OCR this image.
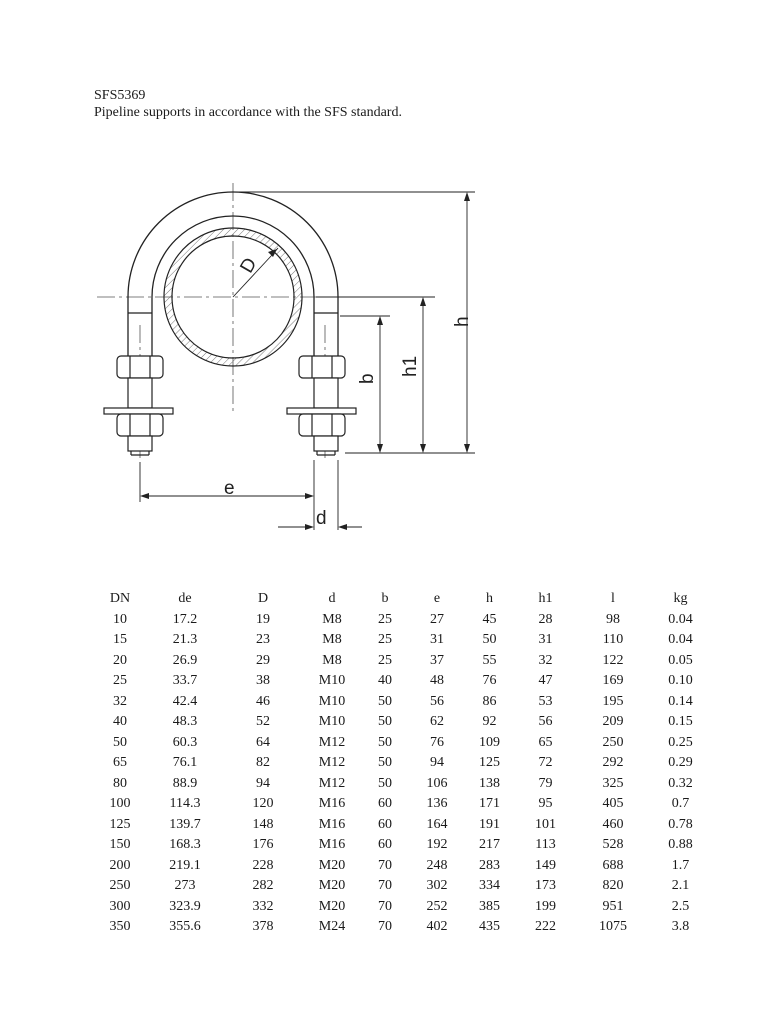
SFS5369
Pipeline supports in accordance with the SFS standard.
D
h
h1
b
e
d
DN	de	D	d	b	e	h	h1	l	kg
10	17.2	19	M8	25	27	45	28	98	0.04
15	21.3	23	M8	25	31	50	31	110	0.04
20	26.9	29	M8	25	37	55	32	122	0.05
25	33.7	38	M10	40	48	76	47	169	0.10
32	42.4	46	M10	50	56	86	53	195	0.14
40	48.3	52	M10	50	62	92	56	209	0.15
50	60.3	64	M12	50	76	109	65	250	0.25
65	76.1	82	M12	50	94	125	72	292	0.29
80	88.9	94	M12	50	106	138	79	325	0.32
100	114.3	120	M16	60	136	171	95	405	0.7
125	139.7	148	M16	60	164	191	101	460	0.78
150	168.3	176	M16	60	192	217	113	528	0.88
200	219.1	228	M20	70	248	283	149	688	1.7
250	273	282	M20	70	302	334	173	820	2.1
300	323.9	332	M20	70	252	385	199	951	2.5
350	355.6	378	M24	70	402	435	222	1075	3.8
